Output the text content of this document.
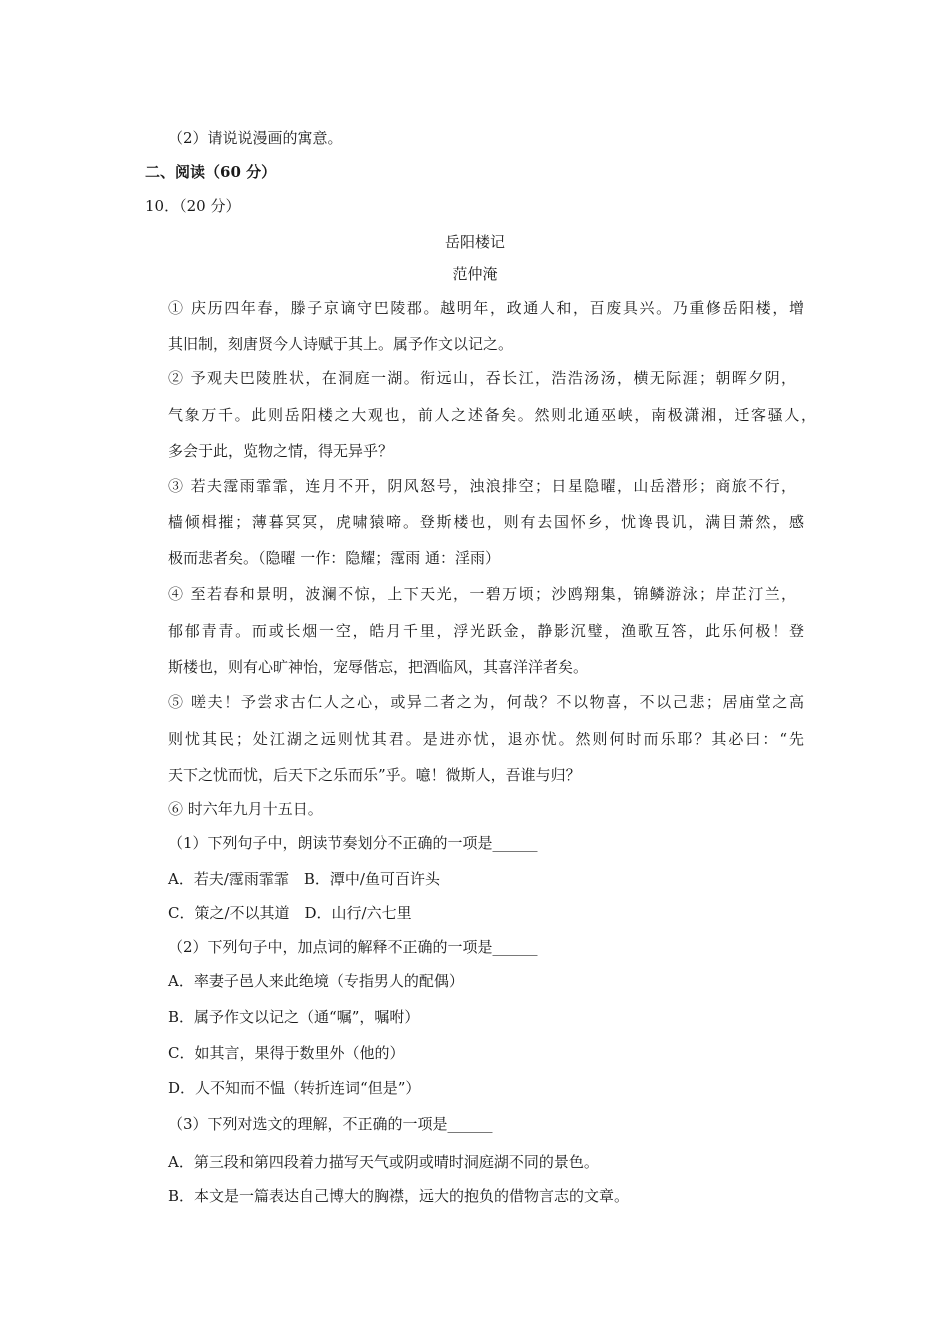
（2）请说说漫画的寓意。
二、阅读（60 分）
10．（20 分）
岳阳楼记
范仲淹
① 庆历四年春，滕子京谪守巴陵郡。越明年，政通人和，百废具兴。乃重修岳阳楼，增
其旧制，刻唐贤今人诗赋于其上。属予作文以记之。
② 予观夫巴陵胜状，在洞庭一湖。衔远山，吞长江，浩浩汤汤，横无际涯；朝晖夕阴，
气象万千。此则岳阳楼之大观也，前人之述备矣。然则北通巫峡，南极潇湘，迁客骚人，
多会于此，览物之情，得无异乎？
③ 若夫霪雨霏霏，连月不开，阴风怒号，浊浪排空；日星隐曜，山岳潜形；商旅不行，
樯倾楫摧；薄暮冥冥，虎啸猿啼。登斯楼也，则有去国怀乡，忧谗畏讥，满目萧然，感
极而悲者矣。（隐曜 一作：隐耀；霪雨 通：淫雨）
④ 至若春和景明，波澜不惊，上下天光，一碧万顷；沙鸥翔集，锦鳞游泳；岸芷汀兰，
郁郁青青。而或长烟一空，皓月千里，浮光跃金，静影沉璧，渔歌互答，此乐何极！登
斯楼也，则有心旷神怡，宠辱偕忘，把酒临风，其喜洋洋者矣。
⑤ 嗟夫！予尝求古仁人之心，或异二者之为，何哉？不以物喜，不以己悲；居庙堂之高
则忧其民；处江湖之远则忧其君。是进亦忧，退亦忧。然则何时而乐耶？其必曰：“先
天下之忧而忧，后天下之乐而乐”乎。噫！微斯人，吾谁与归？
⑥ 时六年九月十五日。
（1）下列句子中，朗读节奏划分不正确的一项是______
A．若夫/霪雨霏霏　B．潭中/鱼可百许头
C．策之/不以其道　D．山行/六七里
（2）下列句子中，加点词的解释不正确的一项是______
A．率妻子邑人来此绝境（专指男人的配偶）
B．属予作文以记之（通“嘱”，嘱咐）
C．如其言，果得于数里外（他的）
D．人不知而不愠（转折连词“但是”）
（3）下列对选文的理解，不正确的一项是______
A．第三段和第四段着力描写天气或阴或晴时洞庭湖不同的景色。
B．本文是一篇表达自己博大的胸襟，远大的抱负的借物言志的文章。
